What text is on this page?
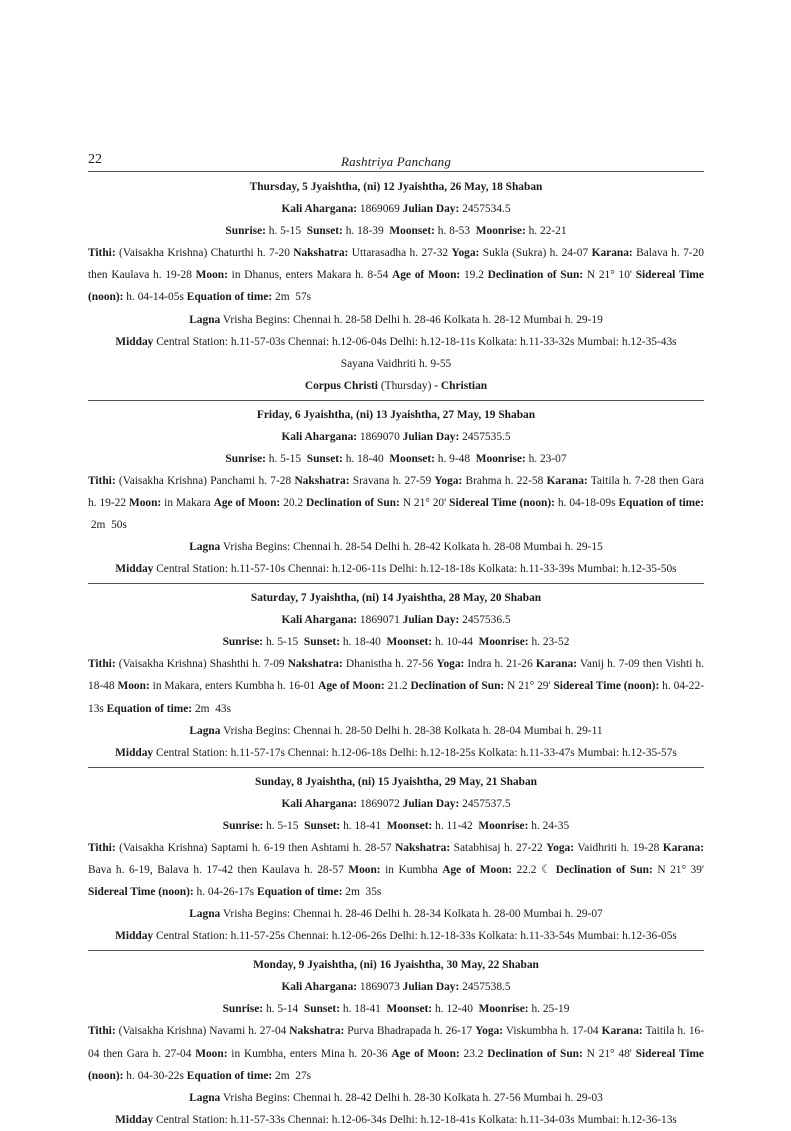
22	Rashtriya Panchang
Thursday, 5 Jyaishtha, (ni) 12 Jyaishtha, 26 May, 18 Shaban
Kali Ahargana: 1869069 Julian Day: 2457534.5
Sunrise: h. 5-15  Sunset: h. 18-39  Moonset: h. 8-53  Moonrise: h. 22-21
Tithi: (Vaisakha Krishna) Chaturthi h. 7-20 Nakshatra: Uttarasadha h. 27-32 Yoga: Sukla (Sukra) h. 24-07 Karana: Balava h. 7-20 then Kaulava h. 19-28 Moon: in Dhanus, enters Makara h. 8-54 Age of Moon: 19.2 Declination of Sun: N 21° 10' Sidereal Time (noon): h. 04-14-05s Equation of time: 2m  57s
Lagna Vrisha Begins: Chennai h. 28-58 Delhi h. 28-46 Kolkata h. 28-12 Mumbai h. 29-19
Midday Central Station: h.11-57-03s Chennai: h.12-06-04s Delhi: h.12-18-11s Kolkata: h.11-33-32s Mumbai: h.12-35-43s
Sayana Vaidhriti h. 9-55
Corpus Christi (Thursday) - Christian
Friday, 6 Jyaishtha, (ni) 13 Jyaishtha, 27 May, 19 Shaban
Kali Ahargana: 1869070 Julian Day: 2457535.5
Sunrise: h. 5-15  Sunset: h. 18-40  Moonset: h. 9-48  Moonrise: h. 23-07
Tithi: (Vaisakha Krishna) Panchami h. 7-28 Nakshatra: Sravana h. 27-59 Yoga: Brahma h. 22-58 Karana: Taitila h. 7-28 then Gara h. 19-22 Moon: in Makara Age of Moon: 20.2 Declination of Sun: N 21° 20' Sidereal Time (noon): h. 04-18-09s Equation of time: 2m  50s
Lagna Vrisha Begins: Chennai h. 28-54 Delhi h. 28-42 Kolkata h. 28-08 Mumbai h. 29-15
Midday Central Station: h.11-57-10s Chennai: h.12-06-11s Delhi: h.12-18-18s Kolkata: h.11-33-39s Mumbai: h.12-35-50s
Saturday, 7 Jyaishtha, (ni) 14 Jyaishtha, 28 May, 20 Shaban
Kali Ahargana: 1869071 Julian Day: 2457536.5
Sunrise: h. 5-15  Sunset: h. 18-40  Moonset: h. 10-44  Moonrise: h. 23-52
Tithi: (Vaisakha Krishna) Shashthi h. 7-09 Nakshatra: Dhanistha h. 27-56 Yoga: Indra h. 21-26 Karana: Vanij h. 7-09 then Vishti h. 18-48 Moon: in Makara, enters Kumbha h. 16-01 Age of Moon: 21.2 Declination of Sun: N 21° 29' Sidereal Time (noon): h. 04-22-13s Equation of time: 2m  43s
Lagna Vrisha Begins: Chennai h. 28-50 Delhi h. 28-38 Kolkata h. 28-04 Mumbai h. 29-11
Midday Central Station: h.11-57-17s Chennai: h.12-06-18s Delhi: h.12-18-25s Kolkata: h.11-33-47s Mumbai: h.12-35-57s
Sunday, 8 Jyaishtha, (ni) 15 Jyaishtha, 29 May, 21 Shaban
Kali Ahargana: 1869072 Julian Day: 2457537.5
Sunrise: h. 5-15  Sunset: h. 18-41  Moonset: h. 11-42  Moonrise: h. 24-35
Tithi: (Vaisakha Krishna) Saptami h. 6-19 then Ashtami h. 28-57 Nakshatra: Satabhisaj h. 27-22 Yoga: Vaidhriti h. 19-28 Karana: Bava h. 6-19, Balava h. 17-42 then Kaulava h. 28-57 Moon: in Kumbha Age of Moon: 22.2 ☾ Declination of Sun: N 21° 39' Sidereal Time (noon): h. 04-26-17s Equation of time: 2m  35s
Lagna Vrisha Begins: Chennai h. 28-46 Delhi h. 28-34 Kolkata h. 28-00 Mumbai h. 29-07
Midday Central Station: h.11-57-25s Chennai: h.12-06-26s Delhi: h.12-18-33s Kolkata: h.11-33-54s Mumbai: h.12-36-05s
Monday, 9 Jyaishtha, (ni) 16 Jyaishtha, 30 May, 22 Shaban
Kali Ahargana: 1869073 Julian Day: 2457538.5
Sunrise: h. 5-14  Sunset: h. 18-41  Moonset: h. 12-40  Moonrise: h. 25-19
Tithi: (Vaisakha Krishna) Navami h. 27-04 Nakshatra: Purva Bhadrapada h. 26-17 Yoga: Viskumbha h. 17-04 Karana: Taitila h. 16-04 then Gara h. 27-04 Moon: in Kumbha, enters Mina h. 20-36 Age of Moon: 23.2 Declination of Sun: N 21° 48' Sidereal Time (noon): h. 04-30-22s Equation of time: 2m  27s
Lagna Vrisha Begins: Chennai h. 28-42 Delhi h. 28-30 Kolkata h. 27-56 Mumbai h. 29-03
Midday Central Station: h.11-57-33s Chennai: h.12-06-34s Delhi: h.12-18-41s Kolkata: h.11-34-03s Mumbai: h.12-36-13s
